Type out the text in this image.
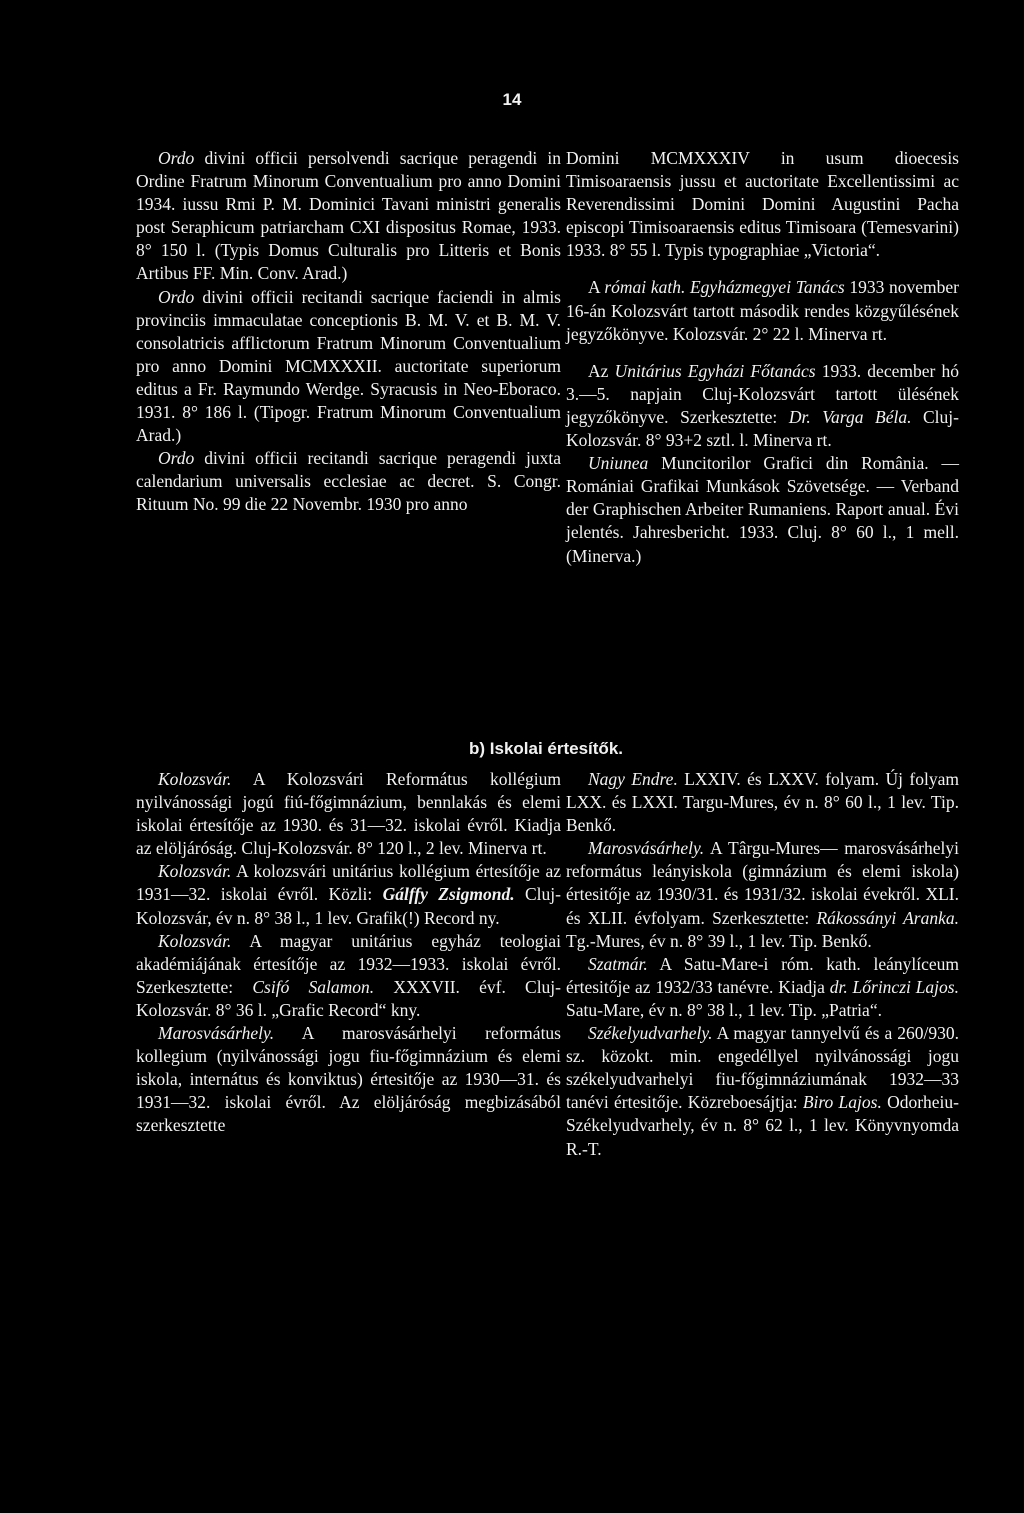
14

Ordo divini officii persolvendi sacrique peragendi in Ordine Fratrum Minorum Conventualium pro anno Domini 1934. iussu Rmi P. M. Dominici Tavani ministri generalis post Seraphicum patriarcham CXI dispositus Romae, 1933. 8° 150 l. (Typis Domus Culturalis pro Litteris et Bonis Artibus FF. Min. Conv. Arad.)

Ordo divini officii recitandi sacrique faciendi in almis provinciis immaculatae conceptionis B. M. V. et B. M. V. consolatricis afflictorum Fratrum Minorum Conventualium pro anno Domini MCMXXXII. auctoritate superiorum editus a Fr. Raymundo Werdge. Syracusis in Neo-Eboraco. 1931. 8° 186 l. (Tipogr. Fratrum Minorum Conventualium Arad.)

Ordo divini officii recitandi sacrique peragendi juxta calendarium universalis ecclesiae ac decret. S. Congr. Rituum No. 99 die 22 Novembr. 1930 pro anno

Domini MCMXXXIV in usum dioecesis Timisoaraensis jussu et auctoritate Excellentissimi ac Reverendissimi Domini Domini Augustini Pacha episcopi Timisoaraensis editus Timisoara (Temesvarini) 1933. 8° 55 l. Typis typographiae „Victoria“.

A római kath. Egyházmegyei Tanács 1933 november 16-án Kolozsvárt tartott második rendes közgyűlésének jegyzőkönyve. Kolozsvár. 2° 22 l. Minerva rt.

Az Unitárius Egyházi Főtanács 1933. december hó 3.—5. napjain Cluj-Kolozsvárt tartott ülésének jegyzőkönyve. Szerkesztette: Dr. Varga Béla. Cluj-Kolozsvár. 8° 93+2 sztl. l. Minerva rt.

Uniunea Muncitorilor Grafici din România. — Romániai Grafikai Munkások Szövetsége. — Verband der Graphischen Arbeiter Rumaniens. Raport anual. Évi jelentés. Jahresbericht. 1933. Cluj. 8° 60 l., 1 mell. (Minerva.)

b) Iskolai értesítők.

Kolozsvár. A Kolozsvári Református kollégium nyilvánossági jogú fiú-főgimnázium, bennlakás és elemi iskolai értesítője az 1930. és 31—32. iskolai évről. Kiadja az elöljáróság. Cluj-Kolozsvár. 8° 120 l., 2 lev. Minerva rt.

Kolozsvár. A kolozsvári unitárius kollégium értesítője az 1931—32. iskolai évről. Közli: Gálffy Zsigmond. Cluj-Kolozsvár, év n. 8° 38 l., 1 lev. Grafik(!) Record ny.

Kolozsvár. A magyar unitárius egyház teologiai akadémiájának értesítője az 1932—1933. iskolai évről. Szerkesztette: Csifó Salamon. XXXVII. évf. Cluj-Kolozsvár. 8° 36 l. „Grafic Record“ kny.

Marosvásárhely. A marosvásárhelyi református kollegium (nyilvánossági jogu fiu-főgimnázium és elemi iskola, internátus és konviktus) értesitője az 1930—31. és 1931—32. iskolai évről. Az elöljáróság megbizásából szerkesztette

Nagy Endre. LXXIV. és LXXV. folyam. Új folyam LXX. és LXXI. Targu-Mures, év n. 8° 60 l., 1 lev. Tip. Benkő.

Marosvásárhely. A Târgu-Mures— marosvásárhelyi református leányiskola (gimnázium és elemi iskola) értesitője az 1930/31. és 1931/32. iskolai évekről. XLI. és XLII. évfolyam. Szerkesztette: Rákossányi Aranka. Tg.-Mures, év n. 8° 39 l., 1 lev. Tip. Benkő.

Szatmár. A Satu-Mare-i róm. kath. leánylíceum értesitője az 1932/33 tanévre. Kiadja dr. Lőrinczi Lajos. Satu-Mare, év n. 8° 38 l., 1 lev. Tip. „Patria“.

Székelyudvarhely. A magyar tannyelvű és a 260/930. sz. közokt. min. engedéllyel nyilvánossági jogu székelyudvarhelyi fiu-főgimnáziumának 1932—33 tanévi értesitője. Közreboesájtja: Biro Lajos. Odorheiu-Székelyudvarhely, év n. 8° 62 l., 1 lev. Könyvnyomda R.-T.
